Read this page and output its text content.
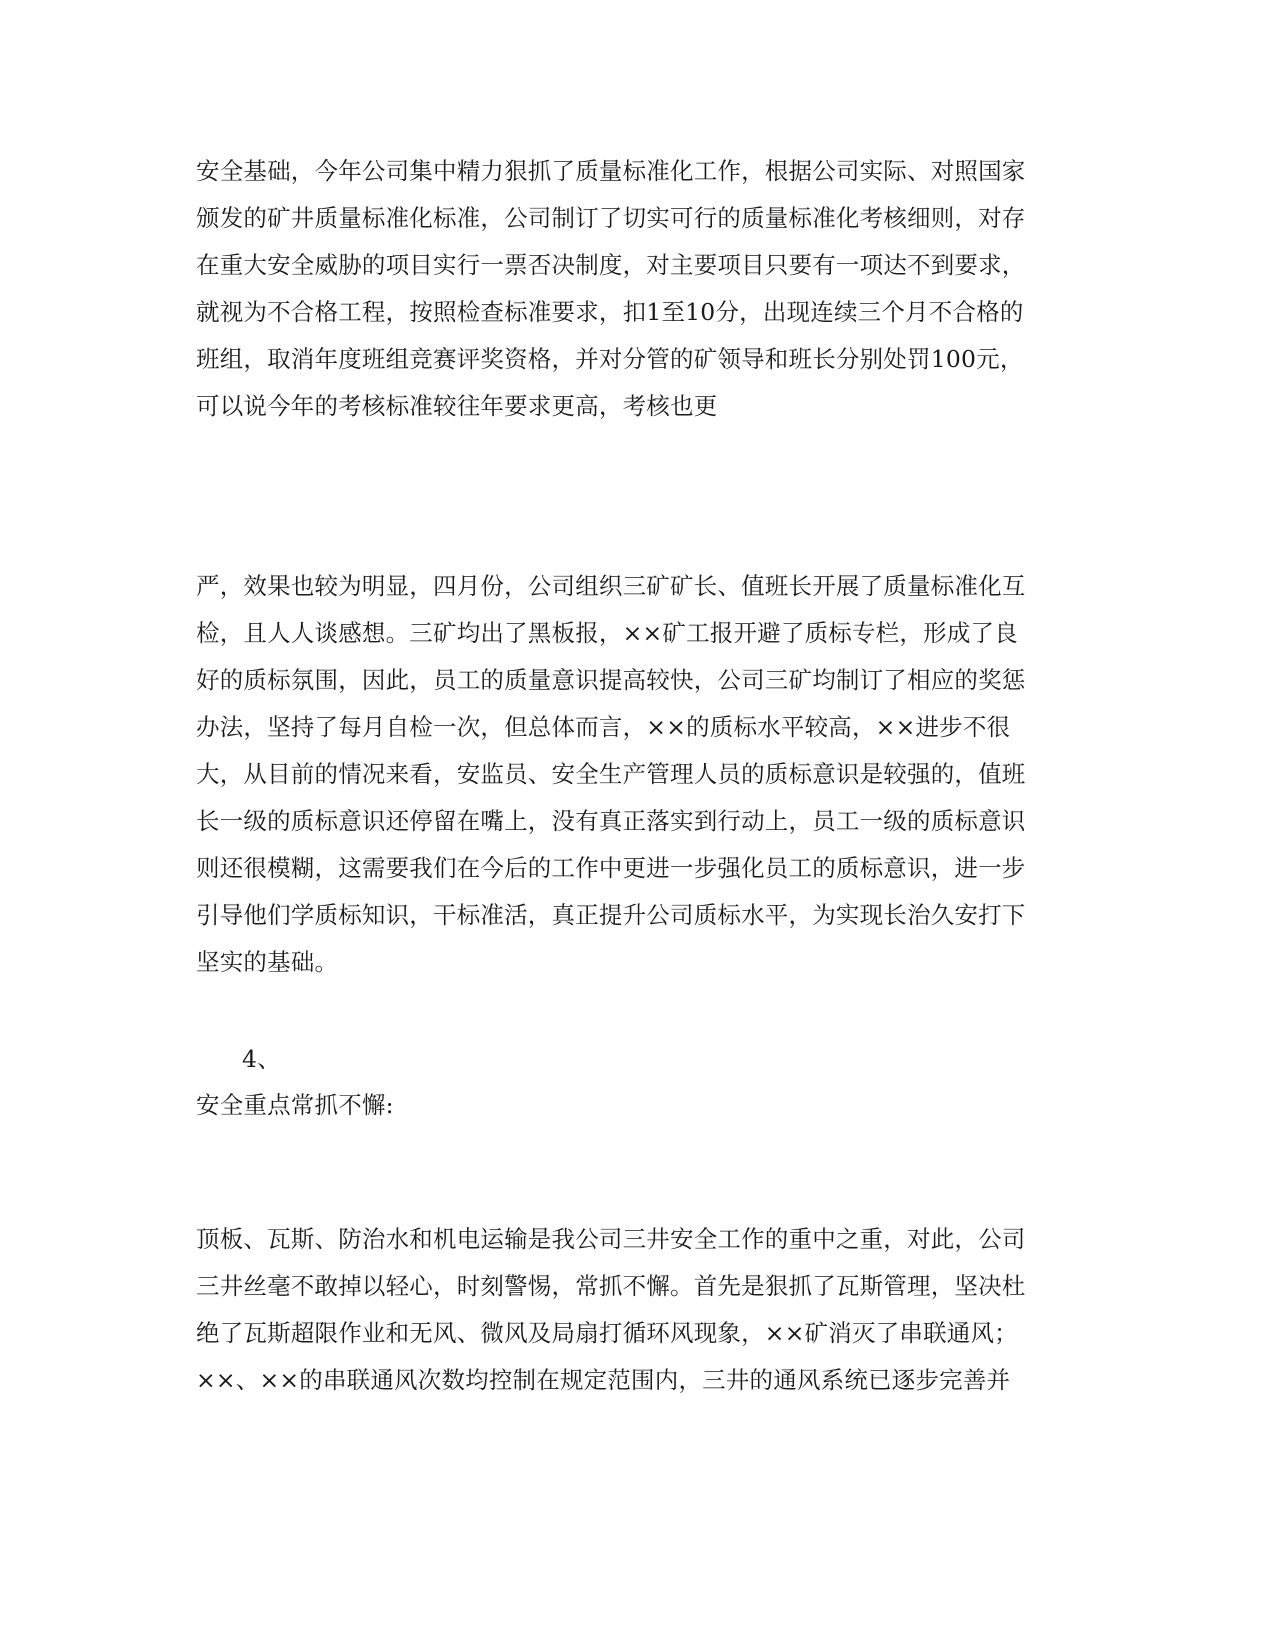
安全基础，今年公司集中精力狠抓了质量标准化工作，根据公司实际、对照国家
颁发的矿井质量标准化标准，公司制订了切实可行的质量标准化考核细则，对存
在重大安全威胁的项目实行一票否决制度，对主要项目只要有一项达不到要求，
就视为不合格工程，按照检查标准要求，扣1至10分，出现连续三个月不合格的
班组，取消年度班组竞赛评奖资格，并对分管的矿领导和班长分别处罚100元，
可以说今年的考核标准较往年要求更高，考核也更
严，效果也较为明显，四月份，公司组织三矿矿长、值班长开展了质量标准化互
检，且人人谈感想。三矿均出了黑板报，××矿工报开避了质标专栏，形成了良
好的质标氛围，因此，员工的质量意识提高较快，公司三矿均制订了相应的奖惩
办法，坚持了每月自检一次，但总体而言，××的质标水平较高，××进步不很
大，从目前的情况来看，安监员、安全生产管理人员的质标意识是较强的，值班
长一级的质标意识还停留在嘴上，没有真正落实到行动上，员工一级的质标意识
则还很模糊，这需要我们在今后的工作中更进一步强化员工的质标意识，进一步
引导他们学质标知识，干标准活，真正提升公司质标水平，为实现长治久安打下
坚实的基础。
4、
安全重点常抓不懈:
顶板、瓦斯、防治水和机电运输是我公司三井安全工作的重中之重，对此，公司
三井丝毫不敢掉以轻心，时刻警惕，常抓不懈。首先是狠抓了瓦斯管理，坚决杜
绝了瓦斯超限作业和无风、微风及局扇打循环风现象，××矿消灭了串联通风；
××、××的串联通风次数均控制在规定范围内，三井的通风系统已逐步完善并
